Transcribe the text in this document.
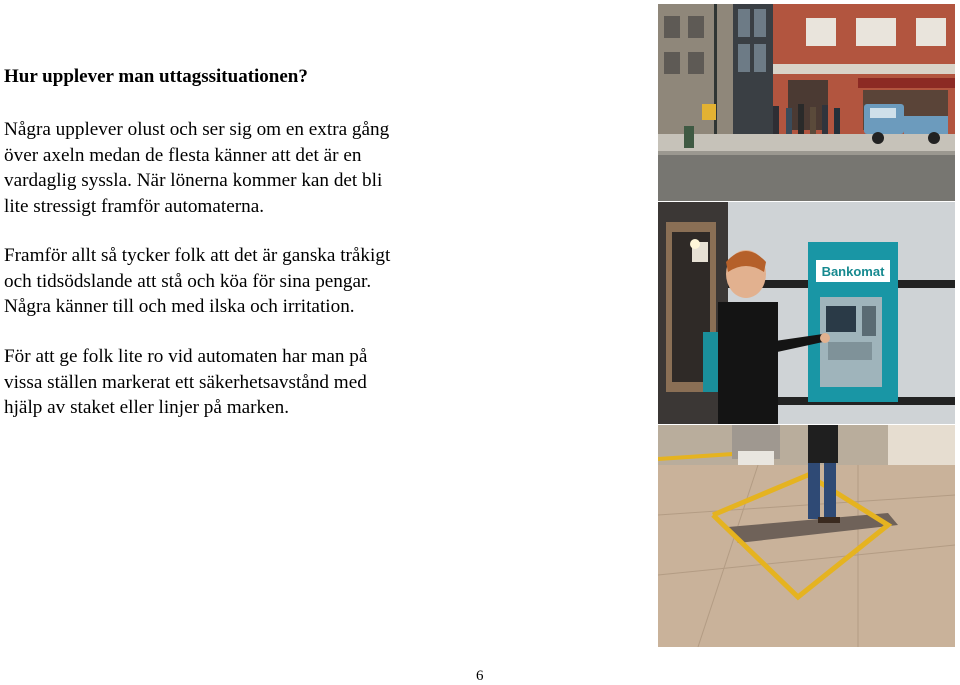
Hur upplever man uttagssituationen?

Några upplever olust och ser sig om en extra gång
över axeln medan de flesta känner att det är en
vardaglig syssla. När lönerna kommer kan det bli
lite stressigt framför automaterna.

Framför allt så tycker folk att det är ganska tråkigt
och tidsödslande att stå och köa för sina pengar.
Några känner till och med ilska och irritation.

För att ge folk lite ro vid automaten har man på
vissa ställen markerat ett säkerhetsavstånd med
hjälp av staket eller linjer på marken.

Bankomat
6
